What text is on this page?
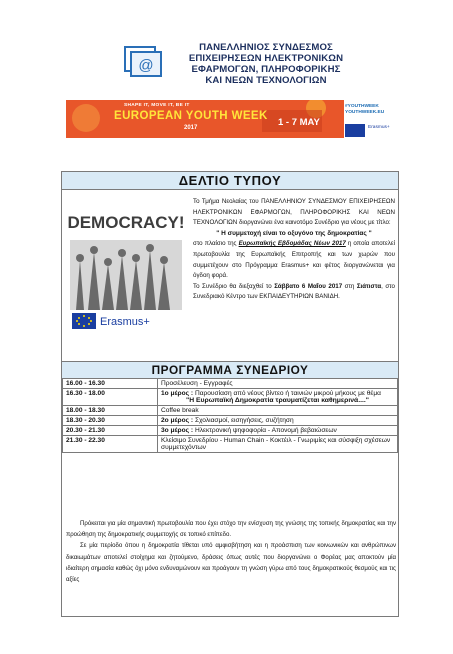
@
ΠΑΝΕΛΛΗΝΙΟΣ ΣΥΝΔΕΣΜΟΣ
ΕΠΙΧΕΙΡΗΣΕΩΝ ΗΛΕΚΤΡΟΝΙΚΩΝ
ΕΦΑΡΜΟΓΩΝ, ΠΛΗΡΟΦΟΡΙΚΗΣ
ΚΑΙ ΝΕΩΝ ΤΕΧΝΟΛΟΓΙΩΝ
SHAPE IT, MOVE IT, BE IT
EUROPEAN YOUTH WEEK
2017	1 - 7 MAY
#YOUTHWEEK
YOUTHWEEK.EU
Erasmus+
ΔΕΛΤΙΟ ΤΥΠΟΥ
DEMOCRACY!
Erasmus+

Το Τμήμα Νεολαίας του ΠΑΝΕΛΛΗΝΙΟΥ ΣΥΝΔΕΣΜΟΥ ΕΠΙΧΕΙΡΗΣΕΩΝ ΗΛΕΚΤΡΟΝΙΚΩΝ ΕΦΑΡΜΟΓΩΝ, ΠΛΗΡΟΦΟΡΙΚΗΣ ΚΑΙ ΝΕΩΝ ΤΕΧΝΟΛΟΓΙΩΝ διοργανώνει ένα καινοτόμο Συνέδριο για νέους με τίτλο:

" Η συμμετοχή είναι το οξυγόνο της δημοκρατίας "

στο πλαίσιο της Ευρωπαϊκής Εβδομάδας Νέων 2017 η οποία αποτελεί πρωτοβουλία της Ευρωπαϊκής Επιτροπής και των χωρών που συμμετέχουν στο Πρόγραμμα Erasmus+ και φέτος διοργανώνεται για όγδοη φορά.

Το Συνέδριο θα διεξαχθεί το Σάββατο 6 Μαΐου 2017 στη Σιάτιστα, στο Συνεδριακό Κέντρο των ΕΚΠΑΙΔΕΥΤΗΡΙΩΝ ΒΑΝΙΔΗ.

ΠΡΟΓΡΑΜΜΑ ΣΥΝΕΔΡΙΟΥ
16.00 - 16.30	Προσέλευση - Εγγραφές
16.30 - 18.00	1ο μέρος : Παρουσίαση από νέους βίντεο ή ταινιών μικρού μήκους με θέμα
"Η Ευρωπαϊκή Δημοκρατία τραυματίζεται καθημερινά...."

18.00 - 18.30	Coffee break
18.30 - 20.30	2ο μέρος : Σχολιασμοί, εισηγήσεις, συζήτηση
20.30 - 21.30	3ο μέρος : Ηλεκτρονική ψηφοφορία - Απονομή βεβαιώσεων
21.30 - 22.30	Κλείσιμο Συνεδρίου - Human Chain - Κοκτέιλ - Γνωριμίες και σύσφιξη σχέσεων συμμετεχόντων

Πρόκειται για μία σημαντική πρωτοβουλία που έχει στόχο την ενίσχυση της γνώσης της τοπικής δημοκρατίας και την προώθηση της δημοκρατικής συμμετοχής σε τοπικό επίπεδο.

Σε μία περίοδο όπου η δημοκρατία τίθεται υπό αμφισβήτηση και η προάσπιση των κοινωνικών και ανθρώπινων δικαιωμάτων αποτελεί στοίχημα και ζητούμενο, δράσεις όπως αυτές που διοργανώνει ο Φορέας μας αποκτούν μία ιδιαίτερη σημασία καθώς όχι μόνο ενδυναμώνουν και προάγουν τη γνώση γύρω από τους δημοκρατικούς θεσμούς και τις αξίες
